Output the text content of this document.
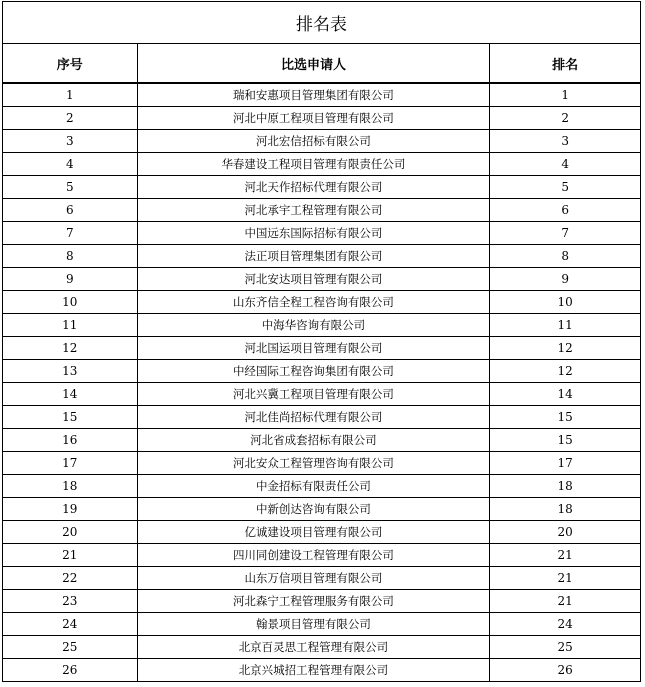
排名表		
序号	比选申请人	排名
1	瑞和安惠项目管理集团有限公司	1
2	河北中原工程项目管理有限公司	2
3	河北宏信招标有限公司	3
4	华春建设工程项目管理有限责任公司	4
5	河北天作招标代理有限公司	5
6	河北承宇工程管理有限公司	6
7	中国远东国际招标有限公司	7
8	法正项目管理集团有限公司	8
9	河北安达项目管理有限公司	9
10	山东齐信全程工程咨询有限公司	10
11	中海华咨询有限公司	11
12	河北国运项目管理有限公司	12
13	中经国际工程咨询集团有限公司	12
14	河北兴冀工程项目管理有限公司	14
15	河北佳尚招标代理有限公司	15
16	河北省成套招标有限公司	15
17	河北安众工程管理咨询有限公司	17
18	中金招标有限责任公司	18
19	中新创达咨询有限公司	18
20	亿诚建设项目管理有限公司	20
21	四川同创建设工程管理有限公司	21
22	山东万信项目管理有限公司	21
23	河北森宁工程管理服务有限公司	21
24	翰景项目管理有限公司	24
25	北京百灵思工程管理有限公司	25
26	北京兴城招工程管理有限公司	26
